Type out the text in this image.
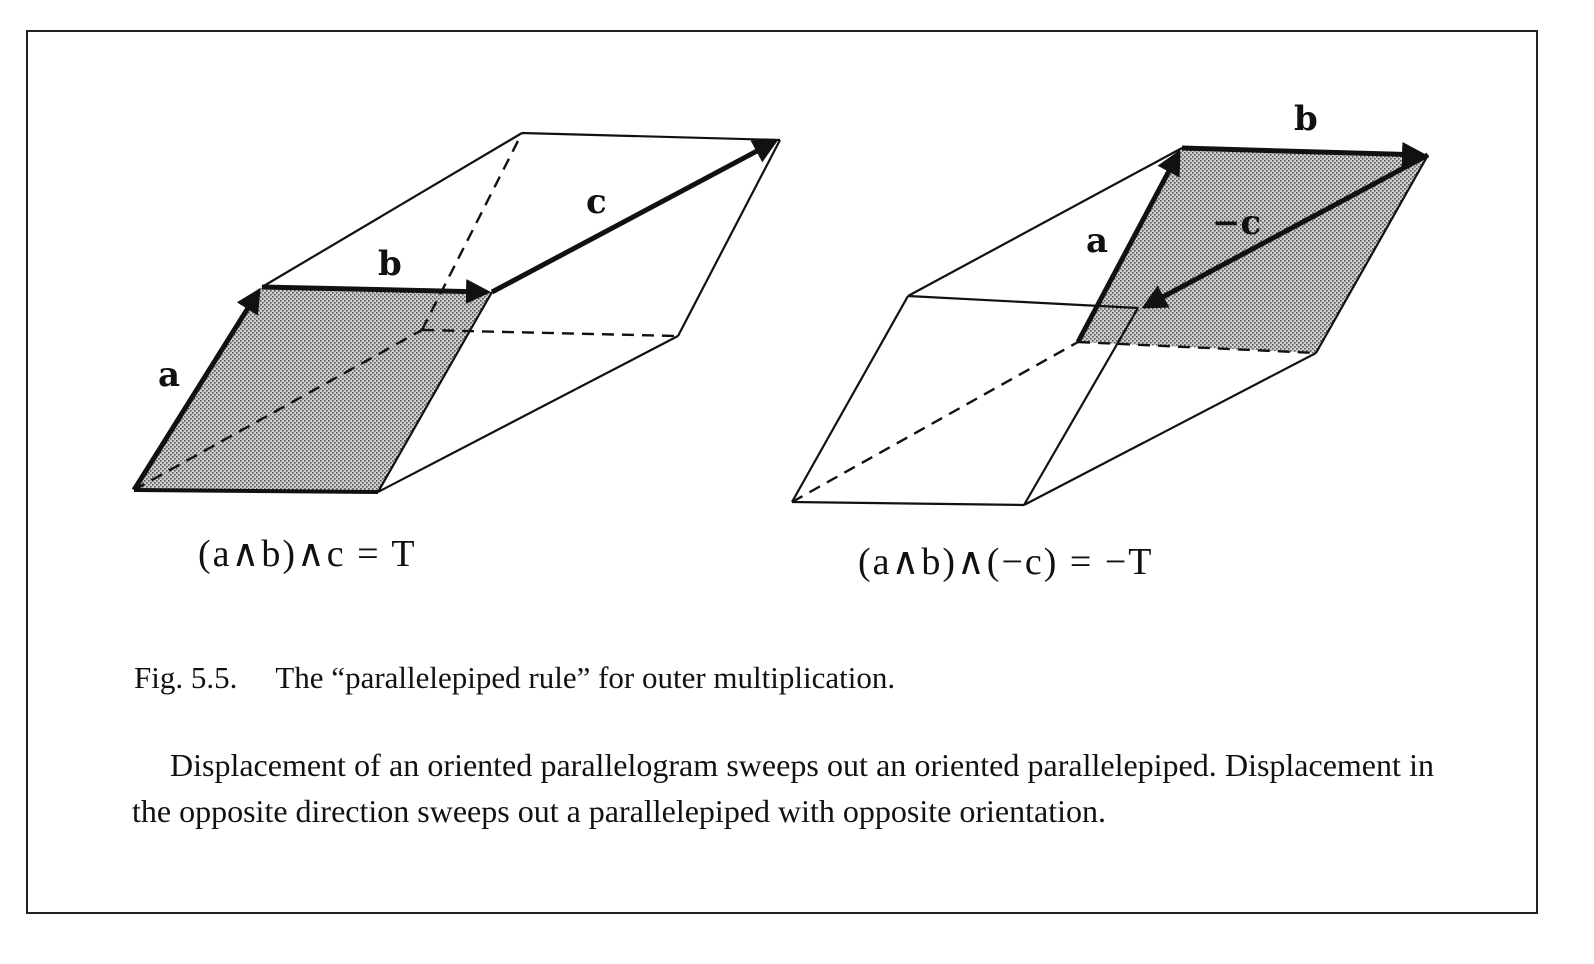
a
b
c
(a∧b)∧c = T
a
b
−c
(a∧b)∧(−c) = −T
Fig. 5.5. The “parallelepiped rule” for outer multiplication.
Displacement of an oriented parallelogram sweeps out an oriented parallelepiped. Displacement in the opposite direction sweeps out a parallelepiped with opposite orientation.
